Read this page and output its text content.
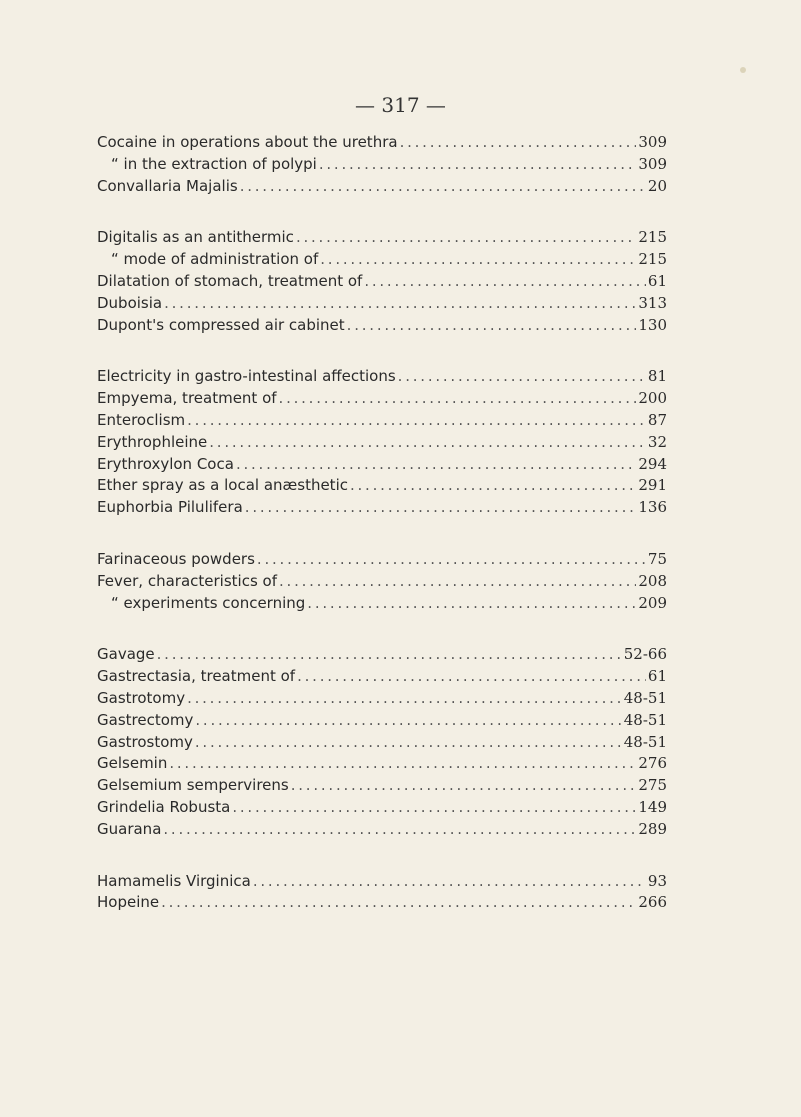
— 317 —
Cocaine in operations about the urethra . . .	309
“ in the extraction of polypi . . .	309
Convallaria Majalis . . .	20
Digitalis as an antithermic . . .	215
“ mode of administration of . . .	215
Dilatation of stomach, treatment of . . .	61
Duboisia . . .	313
Dupont's compressed air cabinet . . .	130
Electricity in gastro-intestinal affections . . .	81
Empyema, treatment of . . .	200
Enteroclism . . .	87
Erythrophleine . . .	32
Erythroxylon Coca . . .	294
Ether spray as a local anæsthetic . . .	291
Euphorbia Pilulifera . . .	136
Farinaceous powders . . .	75
Fever, characteristics of . . .	208
“ experiments concerning . . .	209
Gavage . . .	52-66
Gastrectasia, treatment of . . .	61
Gastrotomy . . .	48-51
Gastrectomy . . .	48-51
Gastrostomy . . .	48-51
Gelsemin . . .	276
Gelsemium sempervirens . . .	275
Grindelia Robusta . . .	149
Guarana . . .	289
Hamamelis Virginica . . .	93
Hopeine . . .	266
